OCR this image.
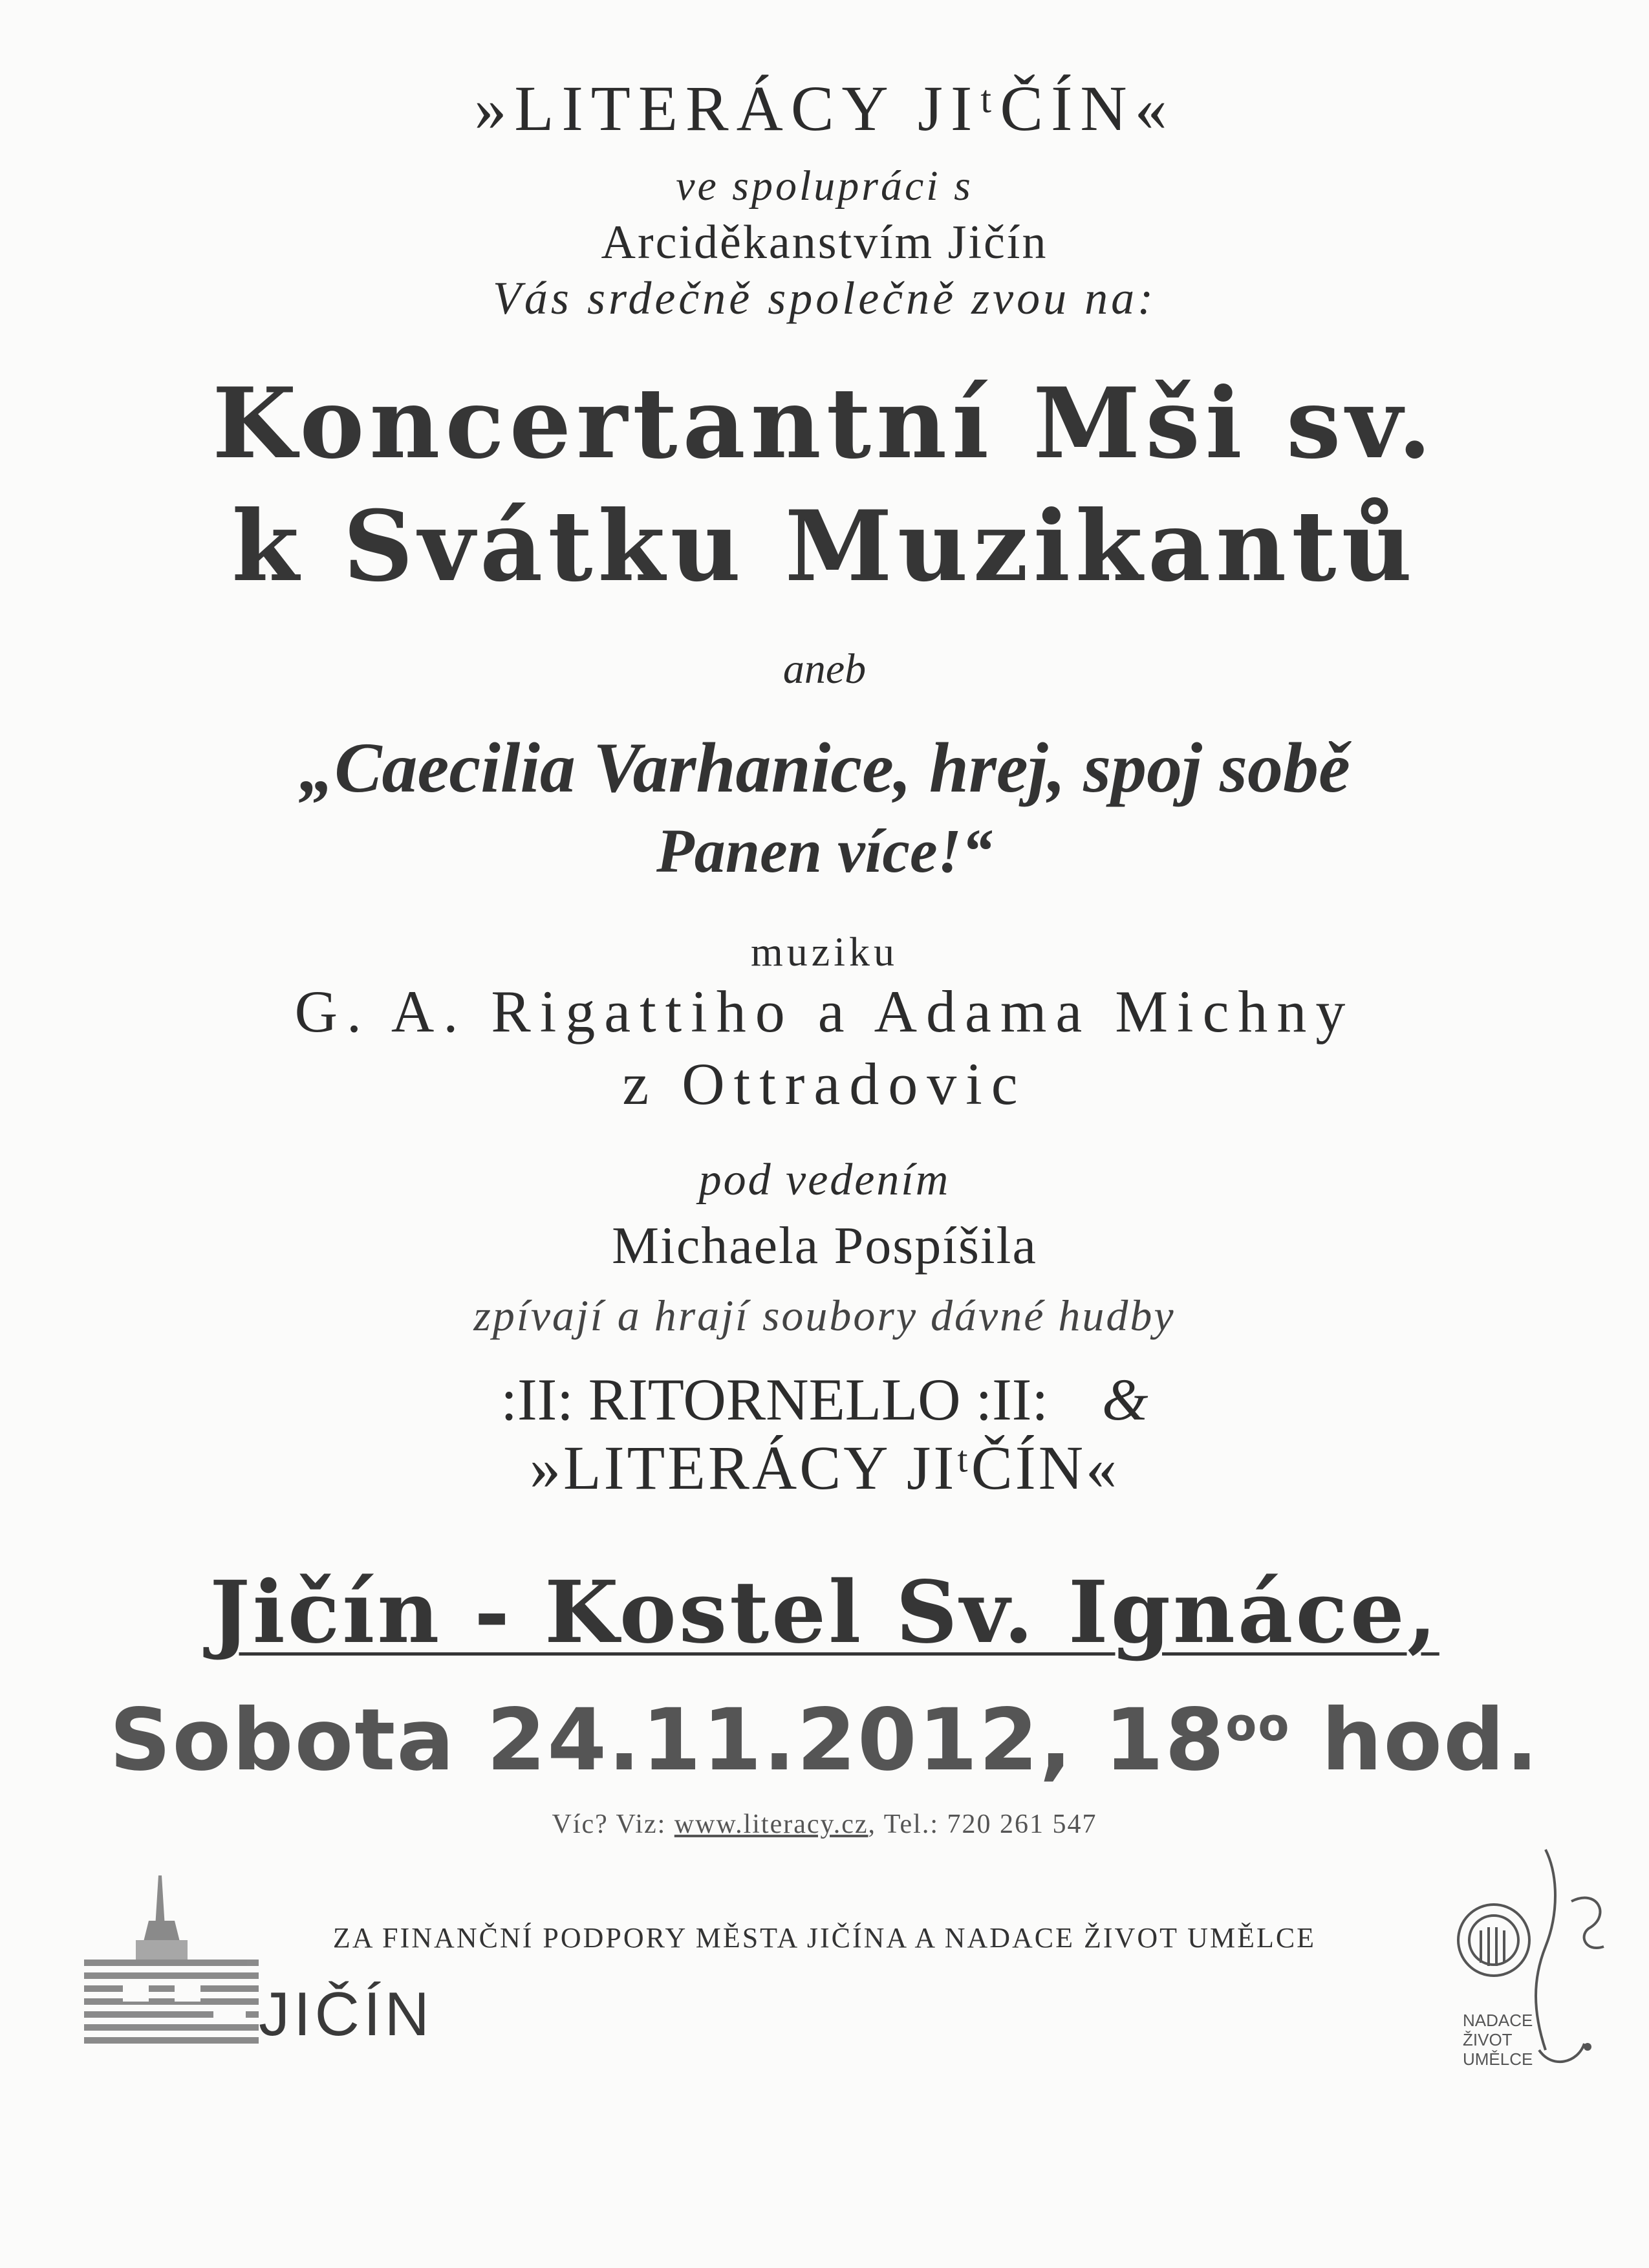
»LITERÁCY JIᵗČÍN«
ve spolupráci s
Arciděkanstvím Jičín
Vás srdečně společně zvou na:
Koncertantní Mši sv.
k Svátku Muzikantů
aneb
„Caecilia Varhanice, hrej, spoj sobě
Panen více!“
muziku
G. A. Rigattiho a Adama Michny
z Ottradovic
pod vedením
Michaela Pospíšila
zpívají a hrají soubory dávné hudby
:II: RITORNELLO :II: &
»LITERÁCY JIᵗČÍN«
Jičín - Kostel Sv. Ignáce,
Sobota 24.11.2012, $18^{oo}$ hod.
Víc? Viz: www.literacy.cz, Tel.: 720 261 547
ZA FINANČNÍ PODPORY MĚSTA JIČÍNA A NADACE ŽIVOT UMĚLCE
JIČÍN	NADACE
ŽIVOT
UMĚLCE
